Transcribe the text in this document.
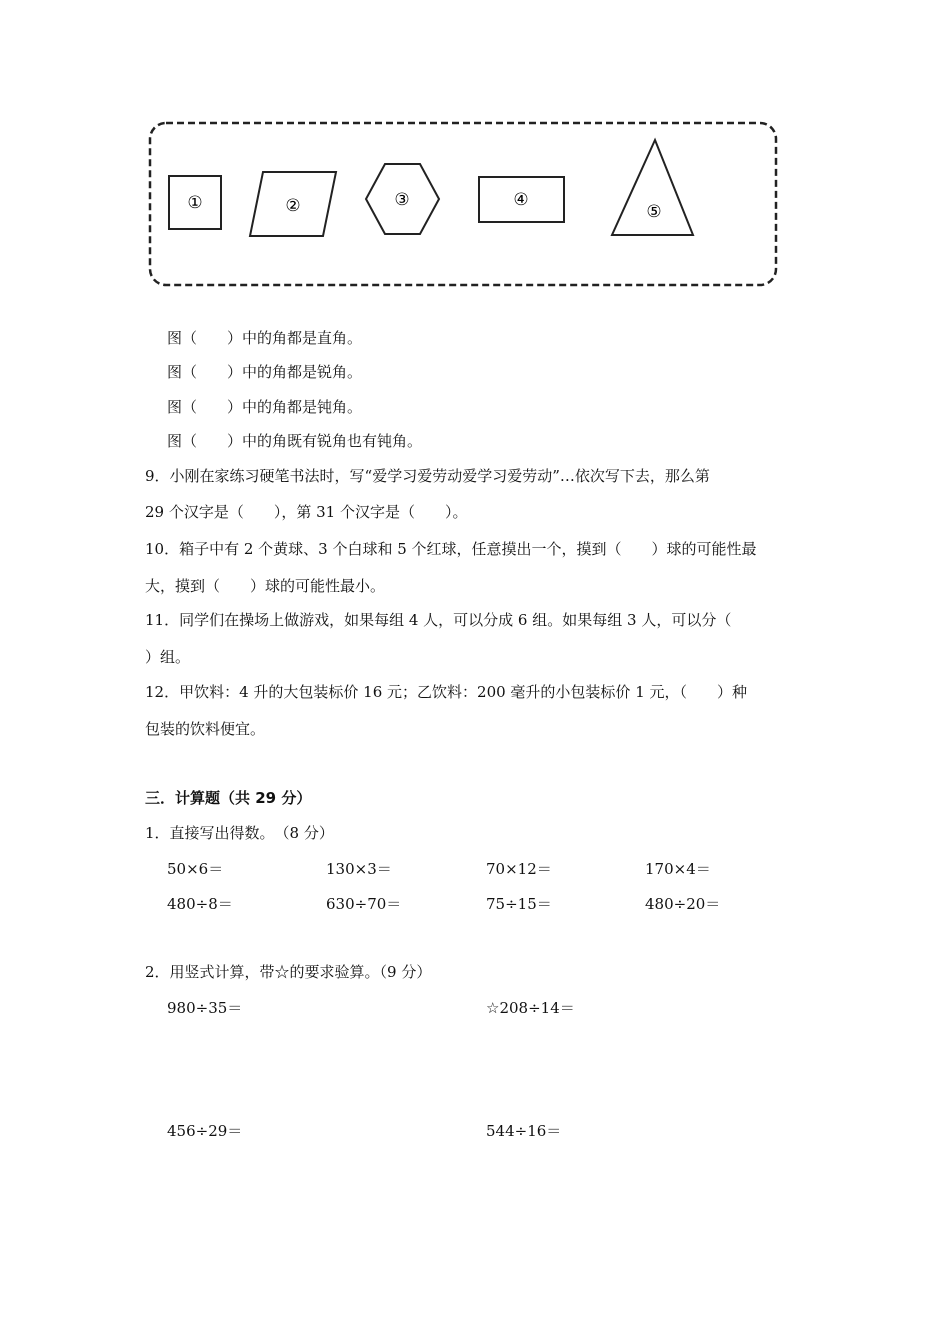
①	②	③	④
⑤
图（　　）中的角都是直角。
图（　　）中的角都是锐角。
图（　　）中的角都是钝角。
图（　　）中的角既有锐角也有钝角。
9．小刚在家练习硬笔书法时，写“爱学习爱劳动爱学习爱劳动”…依次写下去，那么第
29 个汉字是（　　），第 31 个汉字是（　　）。
10．箱子中有 2 个黄球、3 个白球和 5 个红球，任意摸出一个，摸到（　　）球的可能性最
大，摸到（　　）球的可能性最小。
11．同学们在操场上做游戏，如果每组 4 人，可以分成 6 组。如果每组 3 人，可以分（
）组。
12．甲饮料：4 升的大包装标价 16 元；乙饮料：200 毫升的小包装标价 1 元，（　　）种
包装的饮料便宜。
三．计算题（共 29 分）
1．直接写出得数。　（8 分）
50×6＝	130×3＝	70×12＝	170×4＝
480÷8＝	630÷70＝	75÷15＝	480÷20＝
2．用竖式计算，带☆的要求验算。（9 分）
980÷35＝	☆208÷14＝
456÷29＝	544÷16＝
